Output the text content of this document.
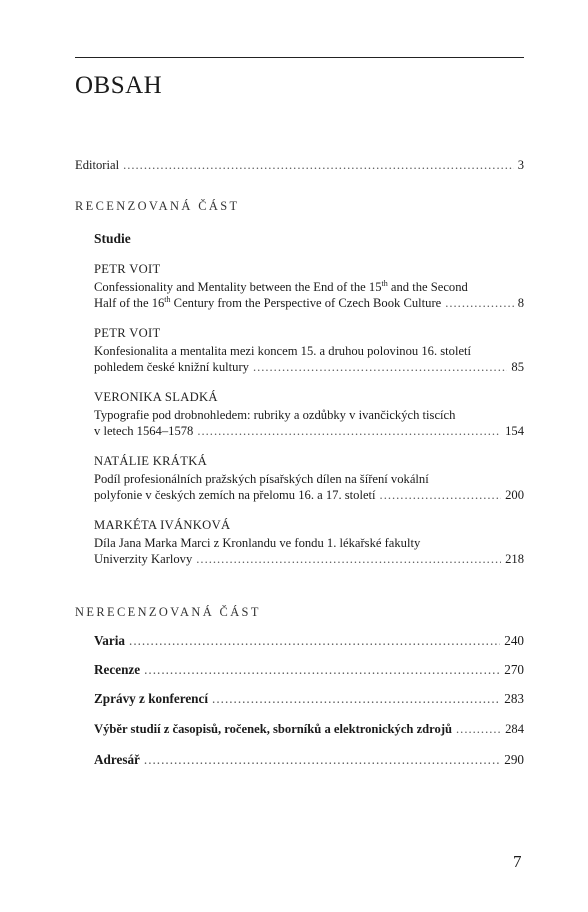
OBSAH
Editorial .....	3
RECENZOVANÁ ČÁST
Studie
PETR VOIT
Confessionality and Mentality between the End of the 15th and the Second
Half of the 16th Century from the Perspective of Czech Book Culture .....	8
PETR VOIT
Konfesionalita a mentalita mezi koncem 15. a druhou polovinou 16. století
pohledem české knižní kultury .....	85
VERONIKA SLADKÁ
Typografie pod drobnohledem: rubriky a ozdůbky v ivančických tiscích
v letech 1564–1578 .....	154
NATÁLIE KRÁTKÁ
Podíl profesionálních pražských písařských dílen na šíření vokální
polyfonie v českých zemích na přelomu 16. a 17. století .....	200
MARKÉTA IVÁNKOVÁ
Díla Jana Marka Marci z Kronlandu ve fondu 1. lékařské fakulty
Univerzity Karlovy .....	218
NERECENZOVANÁ ČÁST
Varia .....	240
Recenze .....	270
Zprávy z konferencí .....	283
Výběr studií z časopisů, ročenek, sborníků a elektronických zdrojů .....	284
Adresář .....	290
7
